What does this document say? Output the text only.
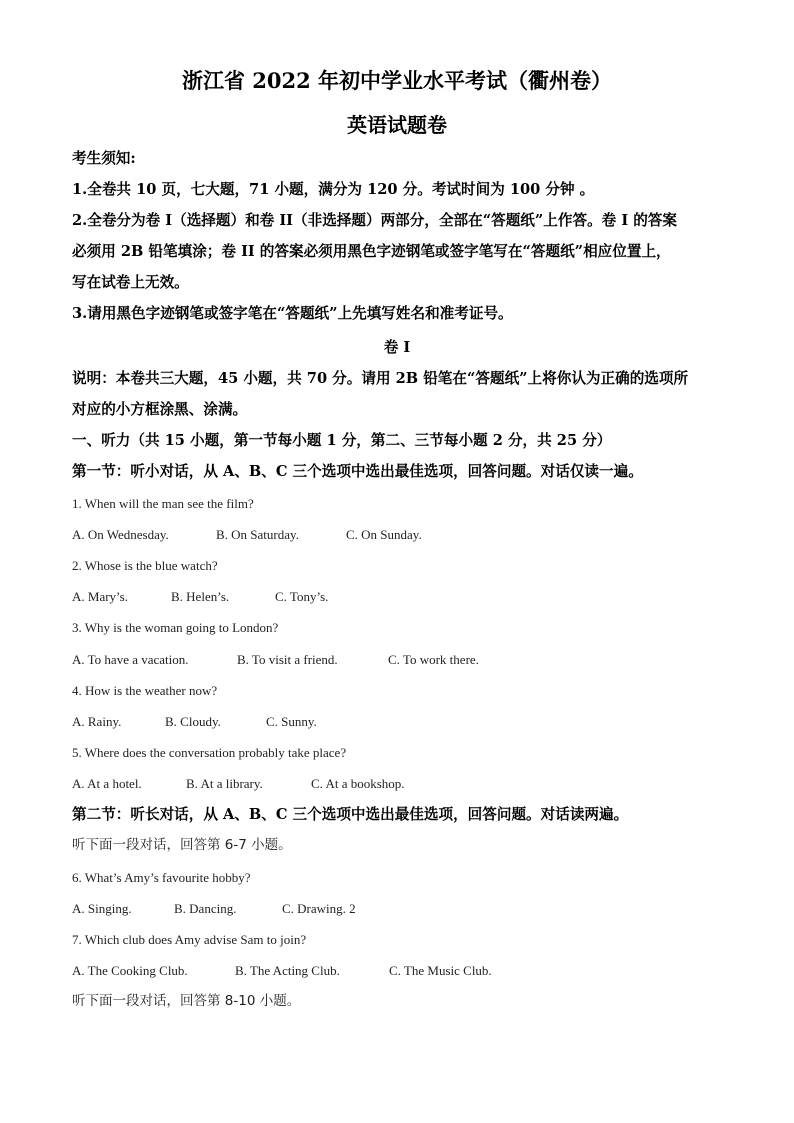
浙江省 2022 年初中学业水平考试（衢州卷）
英语试题卷
考生须知:
1.全卷共 10 页，七大题，71 小题，满分为 120 分。考试时间为 100 分钟 。
2.全卷分为卷 I（选择题）和卷 II（非选择题）两部分，全部在“答题纸”上作答。卷 I 的答案
必须用 2B 铅笔填涂；卷 II 的答案必须用黑色字迹钢笔或签字笔写在“答题纸”相应位置上，
写在试卷上无效。
3.请用黑色字迹钢笔或签字笔在“答题纸”上先填写姓名和准考证号。
卷 I
说明：本卷共三大题，45 小题，共 70 分。请用 2B 铅笔在“答题纸”上将你认为正确的选项所
对应的小方框涂黑、涂满。
一、听力（共 15 小题，第一节每小题 1 分，第二、三节每小题 2 分，共 25 分）
第一节：听小对话，从 A、B、C 三个选项中选出最佳选项，回答问题。对话仅读一遍。
1. When will the man see the film?
A. On Wednesday.	B. On Saturday.	C. On Sunday.
2. Whose is the blue watch?
A. Mary’s.	B. Helen’s.	C. Tony’s.
3. Why is the woman going to London?
A. To have a vacation.	B. To visit a friend.	C. To work there.
4. How is the weather now?
A. Rainy.	B. Cloudy.	C. Sunny.
5. Where does the conversation probably take place?
A. At a hotel.	B. At a library.	C. At a bookshop.
第二节：听长对话，从 A、B、C 三个选项中选出最佳选项，回答问题。对话读两遍。
听下面一段对话，回答第 6-7 小题。
6. What’s Amy’s favourite hobby?
A. Singing.	B. Dancing.	C. Drawing. 2
7. Which club does Amy advise Sam to join?
A. The Cooking Club.	B. The Acting Club.	C. The Music Club.
听下面一段对话，回答第 8-10 小题。
